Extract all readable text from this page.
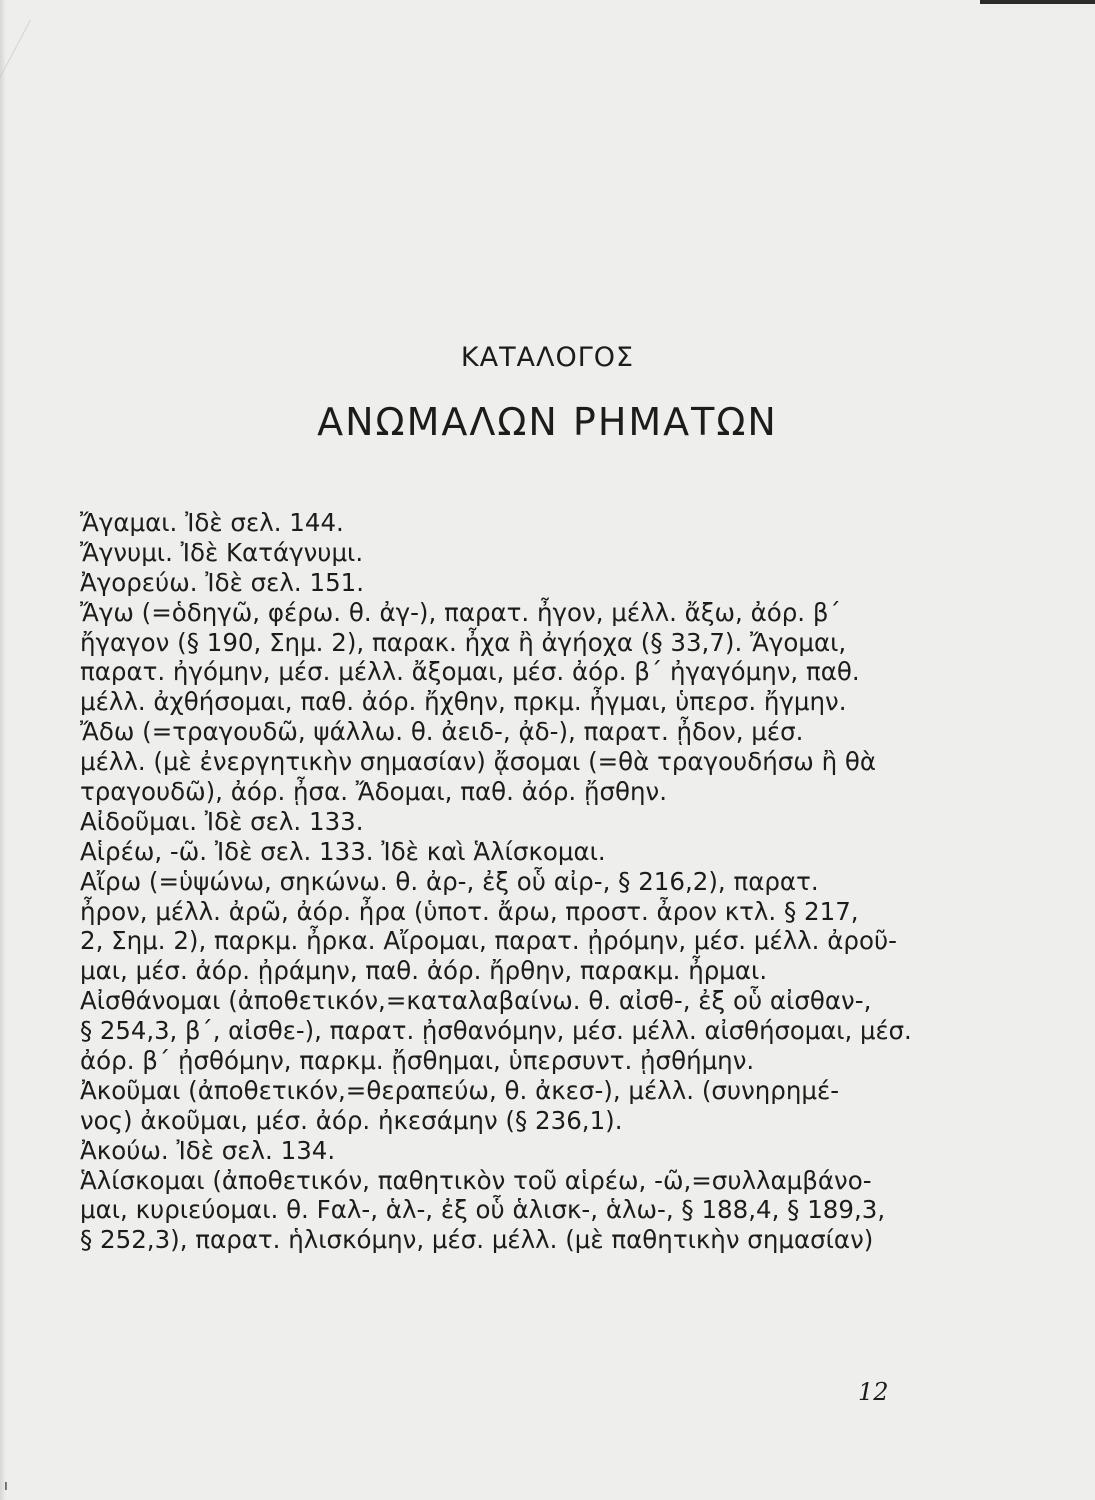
ΚΑΤΑΛΟΓΟΣ
ΑΝΩΜΑΛΩΝ ΡΗΜΑΤΩΝ
Ἄγαμαι. Ἰδὲ σελ. 144.
Ἄγνυμι. Ἰδὲ Κατάγνυμι.
Ἀγορεύω. Ἰδὲ σελ. 151.
Ἄγω (=ὁδηγῶ, φέρω. θ. ἀγ-), παρατ. ἦγον, μέλλ. ἄξω, ἀόρ. β΄
ἤγαγον (§ 190, Σημ. 2), παρακ. ἦχα ἢ ἀγήοχα (§ 33,7). Ἄγομαι,
παρατ. ἠγόμην, μέσ. μέλλ. ἄξομαι, μέσ. ἀόρ. β΄ ἠγαγόμην, παθ.
μέλλ. ἀχθήσομαι, παθ. ἀόρ. ἤχθην, πρκμ. ἦγμαι, ὑπερσ. ἤγμην.
Ἄδω (=τραγουδῶ, ψάλλω. θ. ἀειδ-, ᾀδ-), παρατ. ᾖδον, μέσ.
μέλλ. (μὲ ἐνεργητικὴν σημασίαν) ᾄσομαι (=θὰ τραγουδήσω ἢ θὰ
τραγουδῶ), ἀόρ. ᾖσα. Ἄδομαι, παθ. ἀόρ. ᾔσθην.
Αἰδοῦμαι. Ἰδὲ σελ. 133.
Αἱρέω, -ῶ. Ἰδὲ σελ. 133. Ἰδὲ καὶ Ἁλίσκομαι.
Αἴρω (=ὑψώνω, σηκώνω. θ. ἀρ-, ἐξ οὗ αἰρ-, § 216,2), παρατ.
ἦρον, μέλλ. ἀρῶ, ἀόρ. ἦρα (ὑποτ. ἄρω, προστ. ἆρον κτλ. § 217,
2, Σημ. 2), παρκμ. ἦρκα. Αἴρομαι, παρατ. ᾐρόμην, μέσ. μέλλ. ἀροῦ-
μαι, μέσ. ἀόρ. ᾐράμην, παθ. ἀόρ. ἤρθην, παρακμ. ἦρμαι.
Αἰσθάνομαι (ἀποθετικόν,=καταλαβαίνω. θ. αἰσθ-, ἐξ οὗ αἰσθαν-,
§ 254,3, β΄, αἰσθε-), παρατ. ᾐσθανόμην, μέσ. μέλλ. αἰσθήσομαι, μέσ.
ἀόρ. β΄ ᾐσθόμην, παρκμ. ᾔσθημαι, ὑπερσυντ. ᾐσθήμην.
Ἀκοῦμαι (ἀποθετικόν,=θεραπεύω, θ. ἀκεσ-), μέλλ. (συνηρημέ-
νος) ἀκοῦμαι, μέσ. ἀόρ. ἠκεσάμην (§ 236,1).
Ἀκούω. Ἰδὲ σελ. 134.
Ἁλίσκομαι (ἀποθετικόν, παθητικὸν τοῦ αἱρέω, -ῶ,=συλλαμβάνο-
μαι, κυριεύομαι. θ. Fαλ-, ἁλ-, ἐξ οὗ ἁλισκ-, ἁλω-, § 188,4, § 189,3,
§ 252,3), παρατ. ἡλισκόμην, μέσ. μέλλ. (μὲ παθητικὴν σημασίαν)
12
ı
